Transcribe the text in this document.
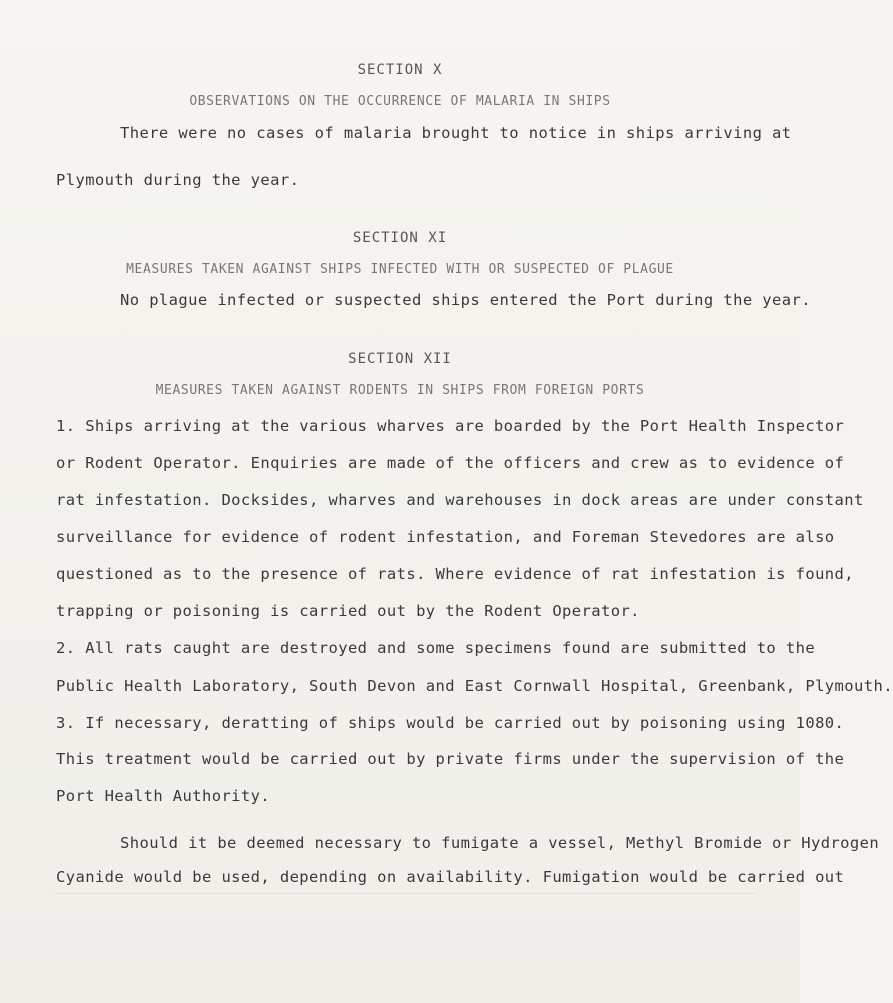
SECTION X
OBSERVATIONS ON THE OCCURRENCE OF MALARIA IN SHIPS
There were no cases of malaria brought to notice in ships arriving at
Plymouth during the year.
SECTION XI
MEASURES TAKEN AGAINST SHIPS INFECTED WITH OR SUSPECTED OF PLAGUE
No plague infected or suspected ships entered the Port during the year.
SECTION XII
MEASURES TAKEN AGAINST RODENTS IN SHIPS FROM FOREIGN PORTS
1. Ships arriving at the various wharves are boarded by the Port Health Inspector
or Rodent Operator. Enquiries are made of the officers and crew as to evidence of
rat infestation. Docksides, wharves and warehouses in dock areas are under constant
surveillance for evidence of rodent infestation, and Foreman Stevedores are also
questioned as to the presence of rats. Where evidence of rat infestation is found,
trapping or poisoning is carried out by the Rodent Operator.
2. All rats caught are destroyed and some specimens found are submitted to the
Public Health Laboratory, South Devon and East Cornwall Hospital, Greenbank, Plymouth.
3. If necessary, deratting of ships would be carried out by poisoning using 1080.
This treatment would be carried out by private firms under the supervision of the
Port Health Authority.
Should it be deemed necessary to fumigate a vessel, Methyl Bromide or Hydrogen
Cyanide would be used, depending on availability. Fumigation would be carried out
